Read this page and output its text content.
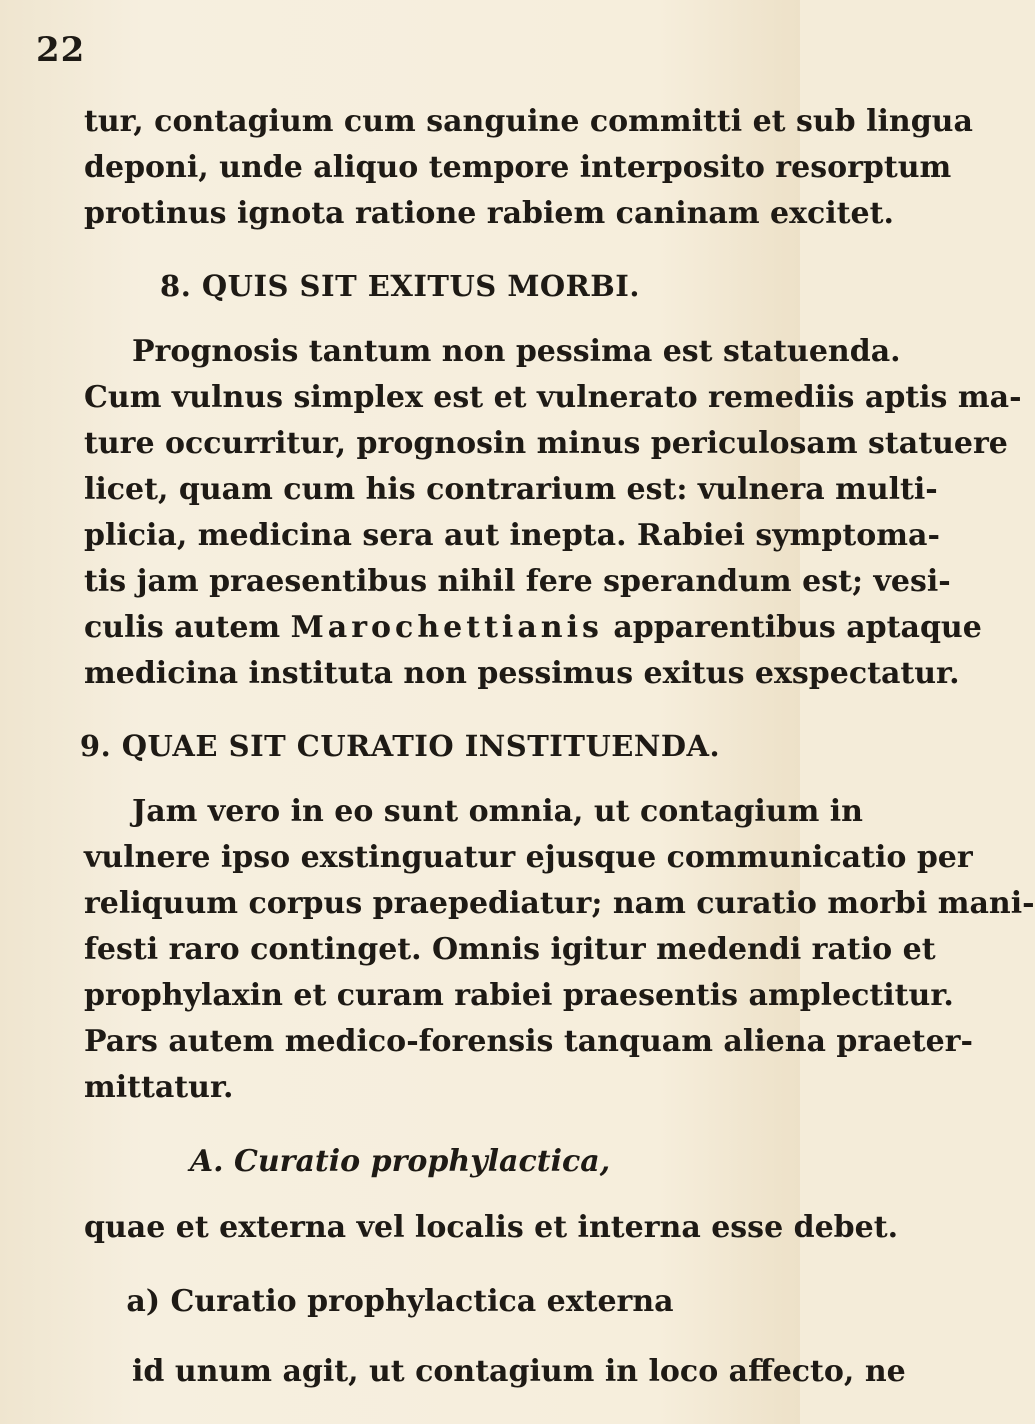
22
tur, contagium cum sanguine committi et sub lingua
deponi, unde aliquo tempore interposito resorptum
protinus ignota ratione rabiem caninam excitet.
8. QUIS SIT EXITUS MORBI.
Prognosis tantum non pessima est statuenda.
Cum vulnus simplex est et vulnerato remediis aptis ma-
ture occurritur, prognosin minus periculosam statuere
licet, quam cum his contrarium est: vulnera multi-
plicia, medicina sera aut inepta. Rabiei symptoma-
tis jam praesentibus nihil fere sperandum est; vesi-
culis autem Marochettianis apparentibus aptaque
medicina instituta non pessimus exitus exspectatur.
9. QUAE SIT CURATIO INSTITUENDA.
Jam vero in eo sunt omnia, ut contagium in
vulnere ipso exstinguatur ejusque communicatio per
reliquum corpus praepediatur; nam curatio morbi mani-
festi raro continget. Omnis igitur medendi ratio et
prophylaxin et curam rabiei praesentis amplectitur.
Pars autem medico-forensis tanquam aliena praeter-
mittatur.
A. Curatio prophylactica,
quae et externa vel localis et interna esse debet.
a) Curatio prophylactica externa
id unum agit, ut contagium in loco affecto, ne
